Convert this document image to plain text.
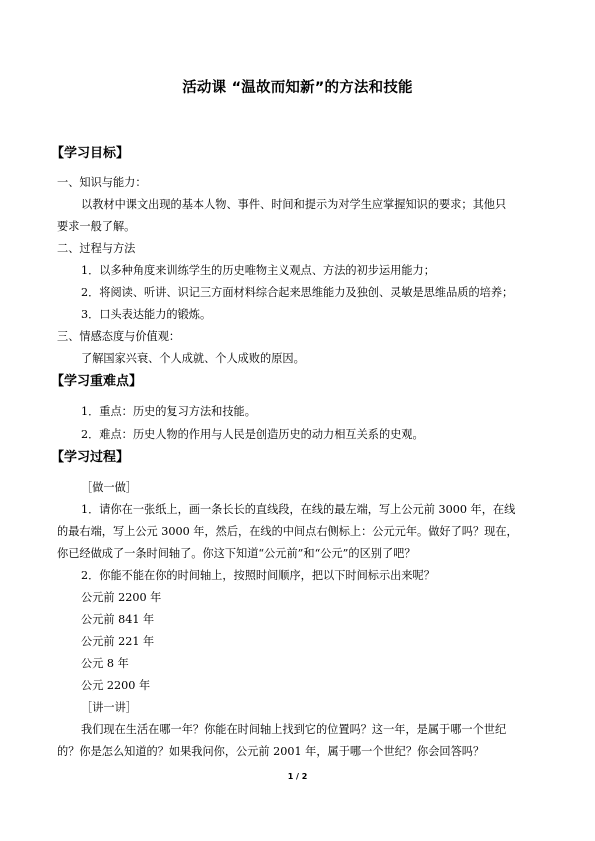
活动课 “温故而知新”的方法和技能
【学习目标】
一、知识与能力：
以教材中课文出现的基本人物、事件、时间和提示为对学生应掌握知识的要求；其他只
要求一般了解。
二、过程与方法
1．以多种角度来训练学生的历史唯物主义观点、方法的初步运用能力；
2．将阅读、听讲、识记三方面材料综合起来思维能力及独创、灵敏是思维品质的培养；
3．口头表达能力的锻炼。
三、情感态度与价值观：
了解国家兴衰、个人成就、个人成败的原因。
【学习重难点】
1．重点：历史的复习方法和技能。
2．难点：历史人物的作用与人民是创造历史的动力相互关系的史观。
【学习过程】
［做一做］
1．请你在一张纸上，画一条长长的直线段，在线的最左端，写上公元前 3000 年，在线
的最右端，写上公元 3000 年，然后，在线的中间点右侧标上：公元元年。做好了吗？现在，
你已经做成了一条时间轴了。你这下知道“公元前”和“公元”的区别了吧？
2．你能不能在你的时间轴上，按照时间顺序，把以下时间标示出来呢？
公元前 2200 年
公元前 841 年
公元前 221 年
公元 8 年
公元 2200 年
［讲一讲］
我们现在生活在哪一年？你能在时间轴上找到它的位置吗？这一年，是属于哪一个世纪
的？你是怎么知道的？如果我问你，公元前 2001 年，属于哪一个世纪？你会回答吗？
1 / 2
